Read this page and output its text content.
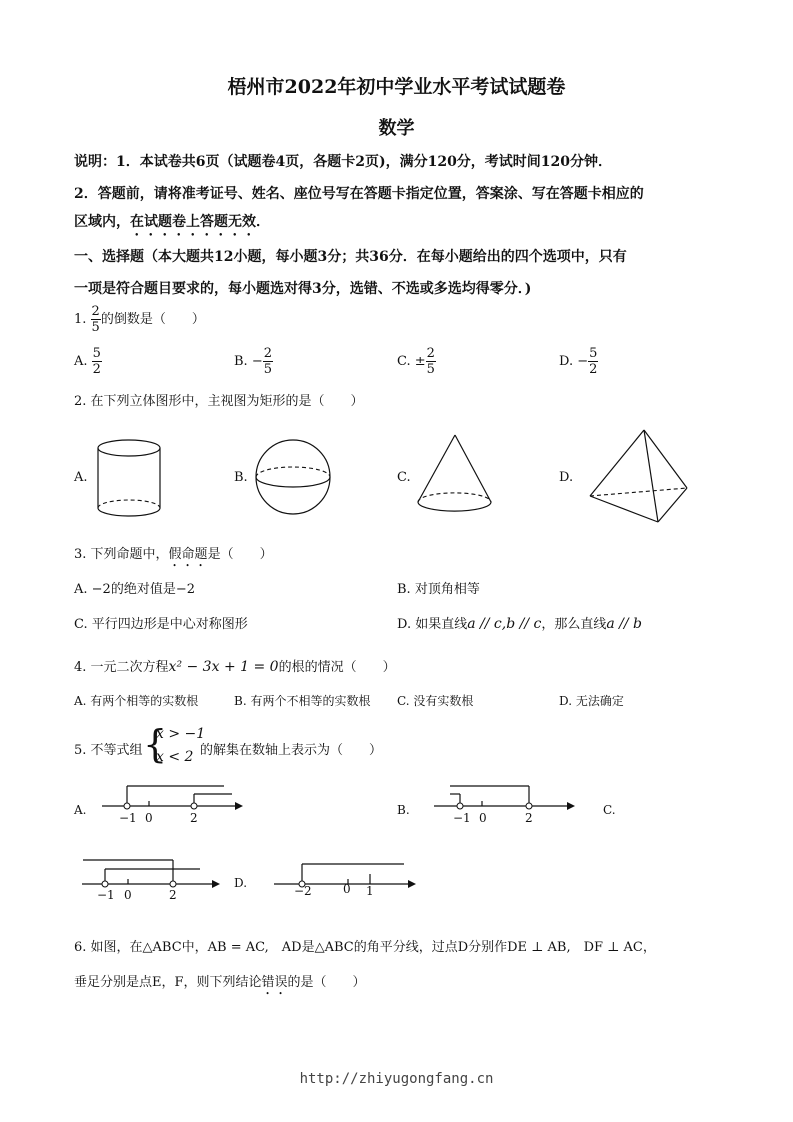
梧州市2022年初中学业水平考试试题卷
数学
说明：1．本试卷共6页（试题卷4页，各题卡2页)，满分120分，考试时间120分钟．
2．答题前，请将准考证号、姓名、座位号写在答题卡指定位置，答案涂、写在答题卡相应的
区域内，在试题卷上答题无效．
一、选择题（本大题共12小题，每小题3分；共36分．在每小题给出的四个选项中，只有
一项是符合题目要求的，每小题选对得3分，选错、不选或多选均得零分．)
1. $\frac{2}{5}$ 的倒数是（　　）
A. $\frac{5}{2}$	B. − $\frac{2}{5}$	C. ± $\frac{2}{5}$	D. − $\frac{5}{2}$
2. 在下列立体图形中，主视图为矩形的是（　　）
A.	B.	C.	D.
3. 下列命题中，假命题是（　　）
A. −2的绝对值是−2	B. 对顶角相等
C. 平行四边形是中心对称图形	D. 如果直线a // c,b // c，那么直线a // b
4. 一元二次方程x² − 3x + 1 = 0的根的情况（　　）
A. 有两个相等的实数根	B. 有两个不相等的实数根 C. 没有实数根	D. 无法确定
5. 不等式组 {
x > −1
x < 2 的解集在数轴上表示为（　　）
A.
−1 0	2
B.
−1 0	2
C.
−1 0	2
D.
−2	0 1
6. 如图，在△ABC中，AB = AC,　AD是△ABC的角平分线，过点D分别作DE ⊥ AB,　DF ⊥ AC，
垂足分别是点E，F，则下列结论错误的是（　　）
http://zhiyugongfang.cn
